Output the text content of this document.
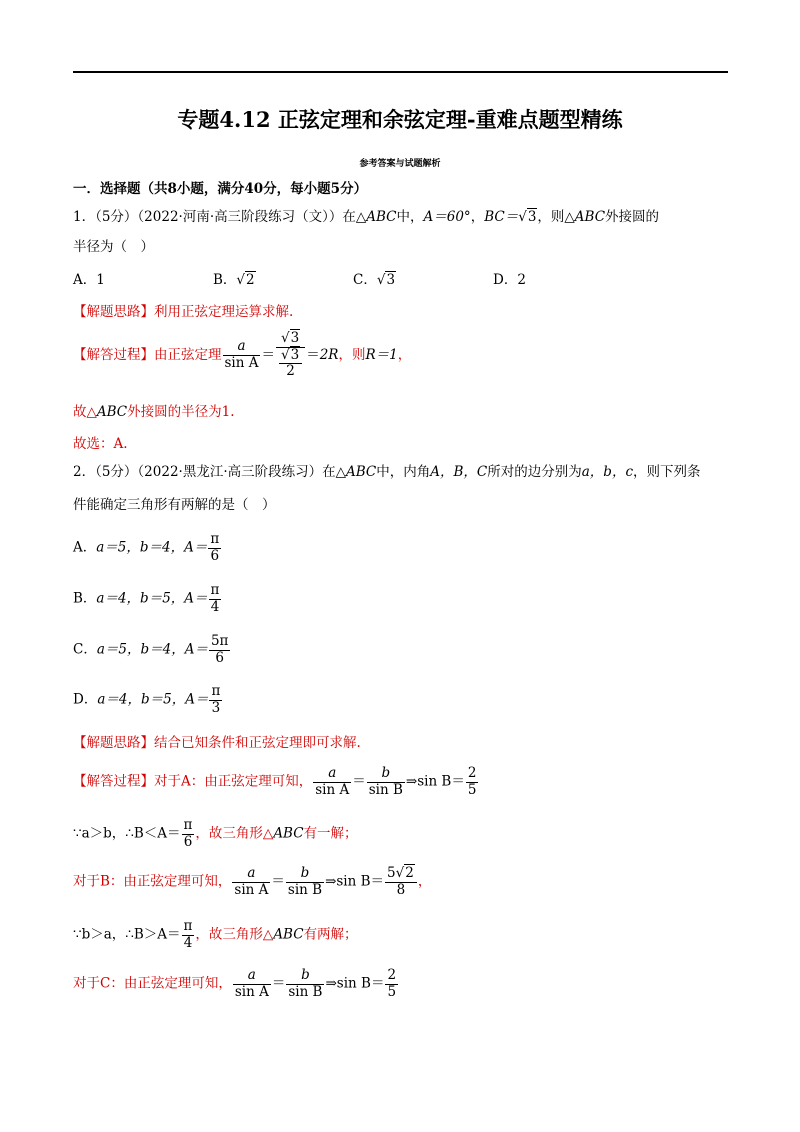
专题4.12 正弦定理和余弦定理-重难点题型精练
参考答案与试题解析
一．选择题（共8小题，满分40分，每小题5分）
1．（5分）（2022·河南·高三阶段练习（文））在△ABC中，A＝60°，BC＝√3，则△ABC外接圆的
半径为（　）
A．1	B．√2	C．√3	D．2
【解题思路】利用正弦定理运算求解.
【解答过程】由正弦定理 $\frac{a}{\text{sin A}} = \frac{√3}{\frac{√3}{2}} =2R$，则R＝1，
故△ABC外接圆的半径为1.
故选：A.
2．（5分）（2022·黑龙江·高三阶段练习）在△ABC中，内角A，B，C所对的边分别为a，b，c，则下列条
件能确定三角形有两解的是（　）
A．a＝5，b＝4，$A= \frac{\pi}{6}$
B．a＝4，b＝5，$A= \frac{\pi}{4}$
C．a＝5，b＝4，$A= \frac{5\pi}{6}$
D．a＝4，b＝5，$A= \frac{\pi}{3}$
【解题思路】结合已知条件和正弦定理即可求解.
【解答过程】对于A：由正弦定理可知， $\frac{a}{\text{sin A}} = \frac{b}{\text{sin B}}$ ⇒sin $B= \frac{2}{5}$
∵a＞b，∴B＜A＝ $\frac{\pi}{6}$ ，故三角形△ABC有一解；
对于B：由正弦定理可知， $\frac{a}{\text{sin A}} = \frac{b}{\text{sin B}}$ ⇒sin $B= \frac{5√2}{8}$ ，
∵b＞a，∴B＞A＝ $\frac{\pi}{4}$ ，故三角形△ABC有两解；
对于C：由正弦定理可知， $\frac{a}{\text{sin A}} = \frac{b}{\text{sin B}}$ ⇒sin $B= \frac{2}{5}$
